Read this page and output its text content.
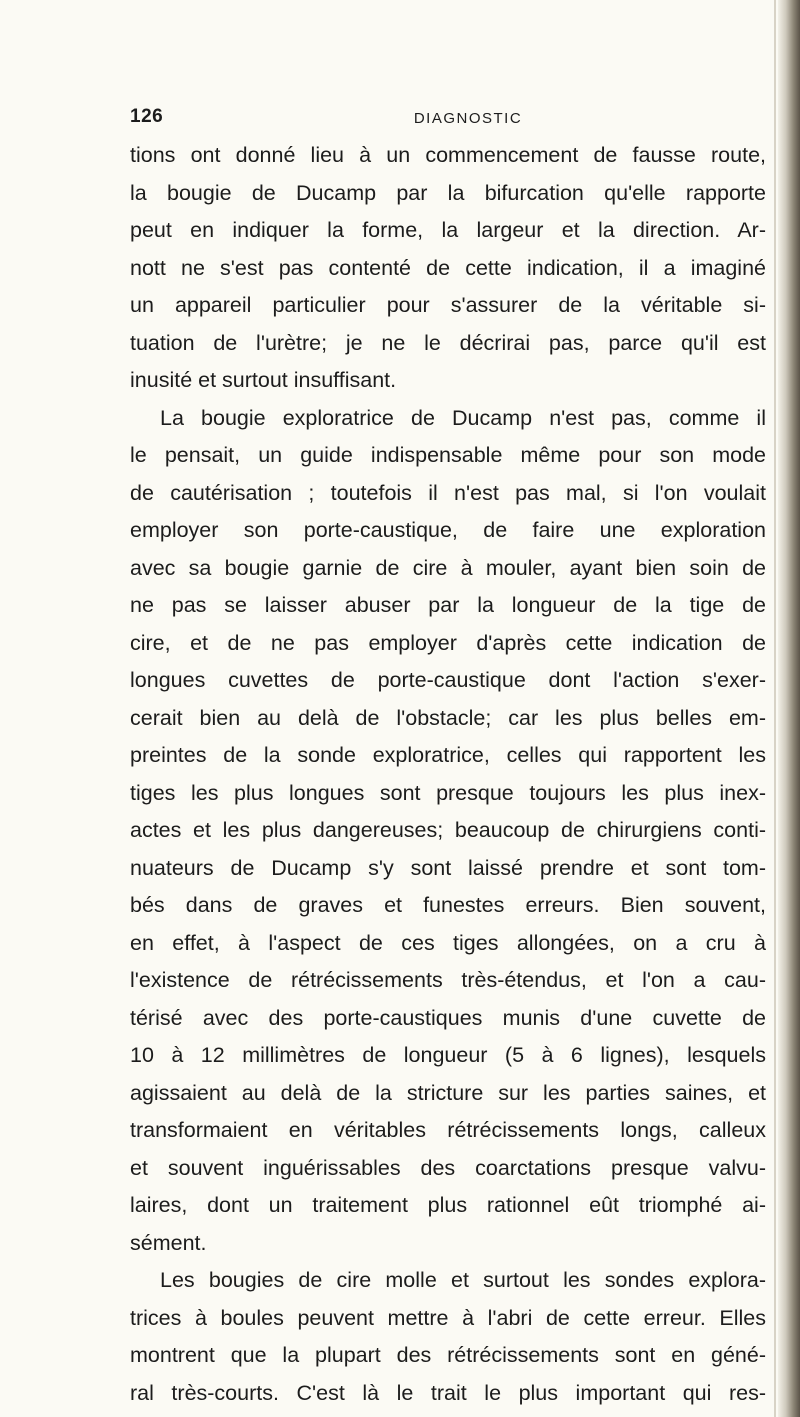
126	DIAGNOSTIC
tions ont donné lieu à un commencement de fausse route,
la bougie de Ducamp par la bifurcation qu'elle rapporte
peut en indiquer la forme, la largeur et la direction. Ar-
nott ne s'est pas contenté de cette indication, il a imaginé
un appareil particulier pour s'assurer de la véritable si-
tuation de l'urètre; je ne le décrirai pas, parce qu'il est
inusité et surtout insuffisant.
La bougie exploratrice de Ducamp n'est pas, comme il
le pensait, un guide indispensable même pour son mode
de cautérisation ; toutefois il n'est pas mal, si l'on voulait
employer son porte-caustique, de faire une exploration
avec sa bougie garnie de cire à mouler, ayant bien soin de
ne pas se laisser abuser par la longueur de la tige de
cire, et de ne pas employer d'après cette indication de
longues cuvettes de porte-caustique dont l'action s'exer-
cerait bien au delà de l'obstacle; car les plus belles em-
preintes de la sonde exploratrice, celles qui rapportent les
tiges les plus longues sont presque toujours les plus inex-
actes et les plus dangereuses; beaucoup de chirurgiens conti-
nuateurs de Ducamp s'y sont laissé prendre et sont tom-
bés dans de graves et funestes erreurs. Bien souvent,
en effet, à l'aspect de ces tiges allongées, on a cru à
l'existence de rétrécissements très-étendus, et l'on a cau-
térisé avec des porte-caustiques munis d'une cuvette de
10 à 12 millimètres de longueur (5 à 6 lignes), lesquels
agissaient au delà de la stricture sur les parties saines, et
transformaient en véritables rétrécissements longs, calleux
et souvent inguérissables des coarctations presque valvu-
laires, dont un traitement plus rationnel eût triomphé ai-
sément.
Les bougies de cire molle et surtout les sondes explora-
trices à boules peuvent mettre à l'abri de cette erreur. Elles
montrent que la plupart des rétrécissements sont en géné-
ral très-courts. C'est là le trait le plus important qui res-
